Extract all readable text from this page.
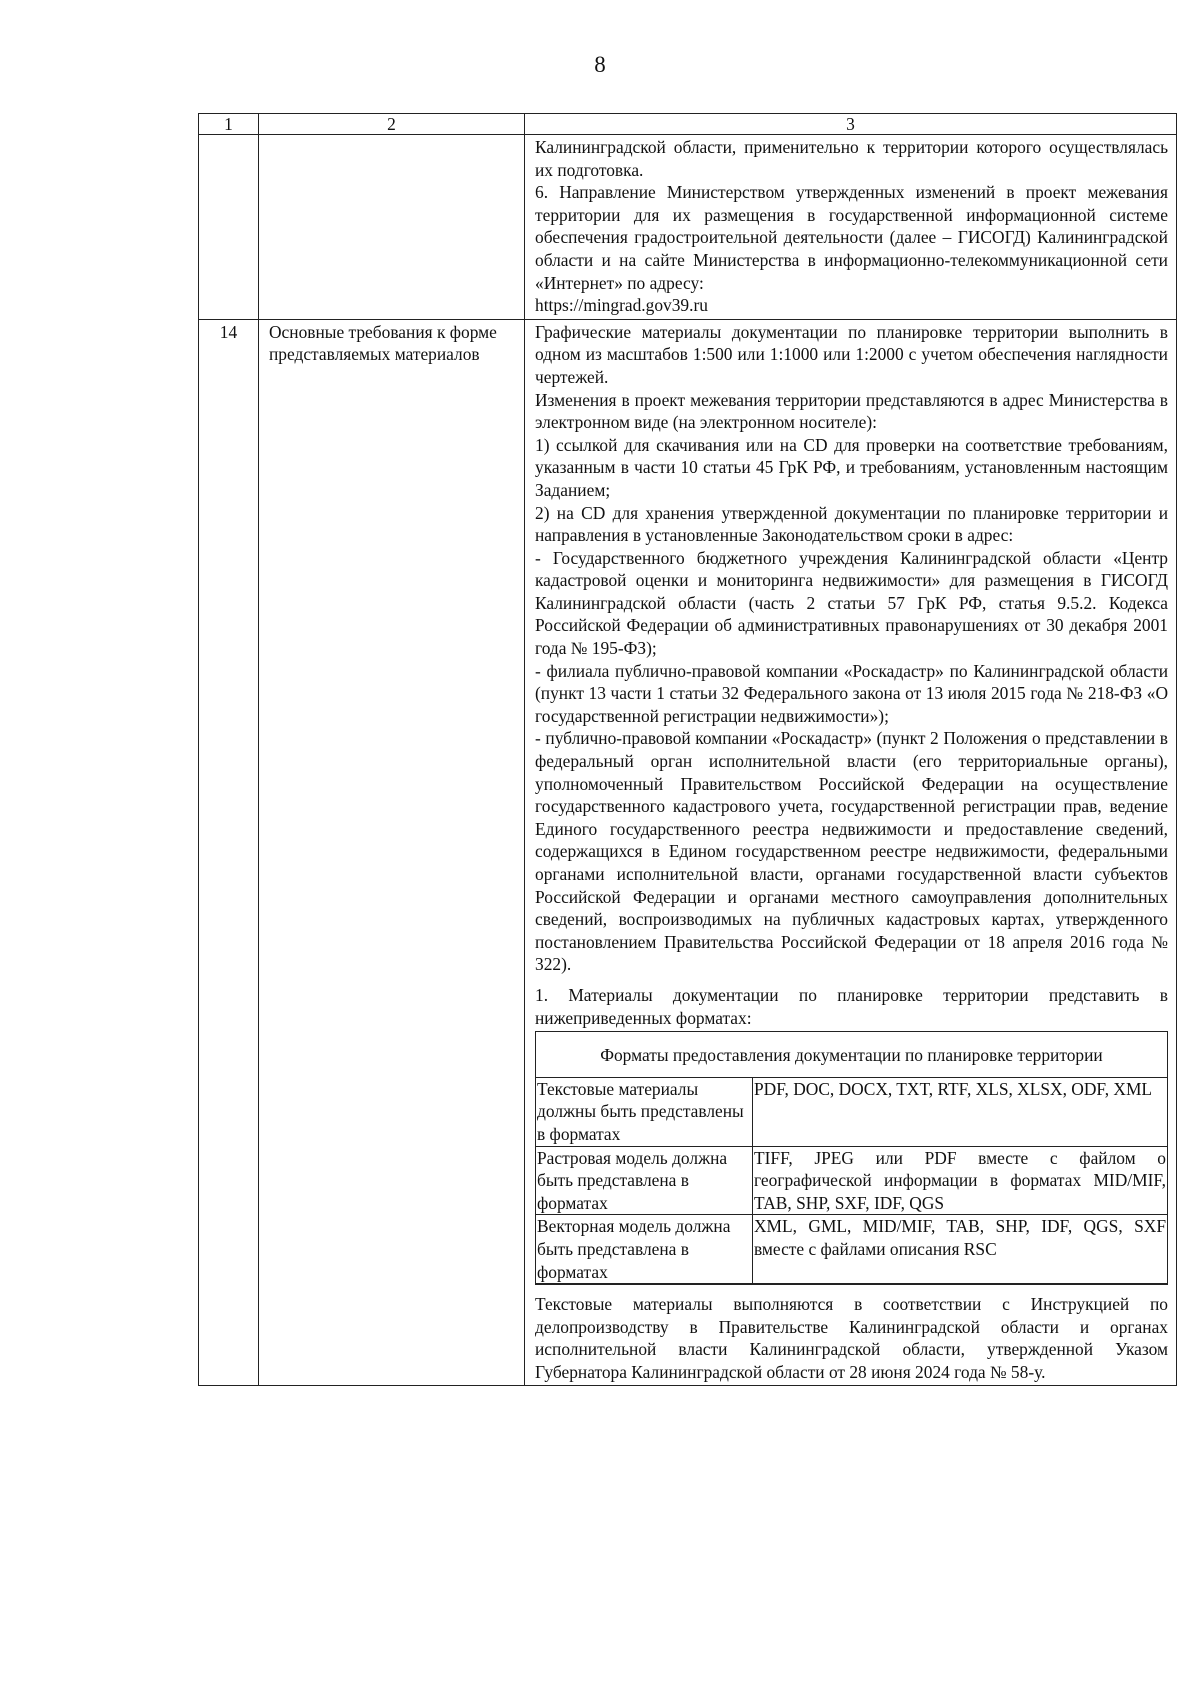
8
1	2	3

Калининградской области, применительно к территории которого осуществлялась их подготовка.

6. Направление Министерством утвержденных изменений в проект межевания территории для их размещения в государственной информационной системе обеспечения градостроительной деятельности (далее – ГИСОГД) Калининградской области и на сайте Министерства в информационно-телекоммуникационной сети «Интернет» по адресу:

https://mingrad.gov39.ru

14	Основные требования к форме представляемых материалов	

Графические материалы документации по планировке территории выполнить в одном из масштабов 1:500 или 1:1000 или 1:2000 с учетом обеспечения наглядности чертежей.

Изменения в проект межевания территории представляются в адрес Министерства в электронном виде (на электронном носителе):

1) ссылкой для скачивания или на CD для проверки на соответствие требованиям, указанным в части 10 статьи 45 ГрК РФ, и требованиям, установленным настоящим Заданием;

2) на CD для хранения утвержденной документации по планировке территории и направления в установленные Законодательством сроки в адрес:

- Государственного бюджетного учреждения Калининградской области «Центр кадастровой оценки и мониторинга недвижимости» для размещения в ГИСОГД Калининградской области (часть 2 статьи 57 ГрК РФ, статья 9.5.2. Кодекса Российской Федерации об административных правонарушениях от 30 декабря 2001 года № 195-ФЗ);

- филиала публично-правовой компании «Роскадастр» по Калининградской области (пункт 13 части 1 статьи 32 Федерального закона от 13 июля 2015 года № 218-ФЗ «О государственной регистрации недвижимости»);

- публично-правовой компании «Роскадастр» (пункт 2 Положения о представлении в федеральный орган исполнительной власти (его территориальные органы), уполномоченный Правительством Российской Федерации на осуществление государственного кадастрового учета, государственной регистрации прав, ведение Единого государственного реестра недвижимости и предоставление сведений, содержащихся в Едином государственном реестре недвижимости, федеральными органами исполнительной власти, органами государственной власти субъектов Российской Федерации и органами местного самоуправления дополнительных сведений, воспроизводимых на публичных кадастровых картах, утвержденного постановлением Правительства Российской Федерации от 18 апреля 2016 года № 322).

1. Материалы документации по планировке территории представить в нижеприведенных форматах:

Форматы предоставления документации по планировке территории
Текстовые материалы должны быть представлены в форматах	PDF, DOC, DOCX, TXT, RTF, XLS, XLSX, ODF, XML
Растровая модель должна быть представлена в форматах	TIFF, JPEG или PDF вместе с файлом о географической информации в форматах MID/MIF, TAB, SHP, SXF, IDF, QGS
Векторная модель должна быть представлена в форматах	XML, GML, MID/MIF, TAB, SHP, IDF, QGS, SXF вместе с файлами описания RSC

Текстовые материалы выполняются в соответствии с Инструкцией по делопроизводству в Правительстве Калининградской области и органах исполнительной власти Калининградской области, утвержденной Указом Губернатора Калининградской области от 28 июня 2024 года № 58-у.
